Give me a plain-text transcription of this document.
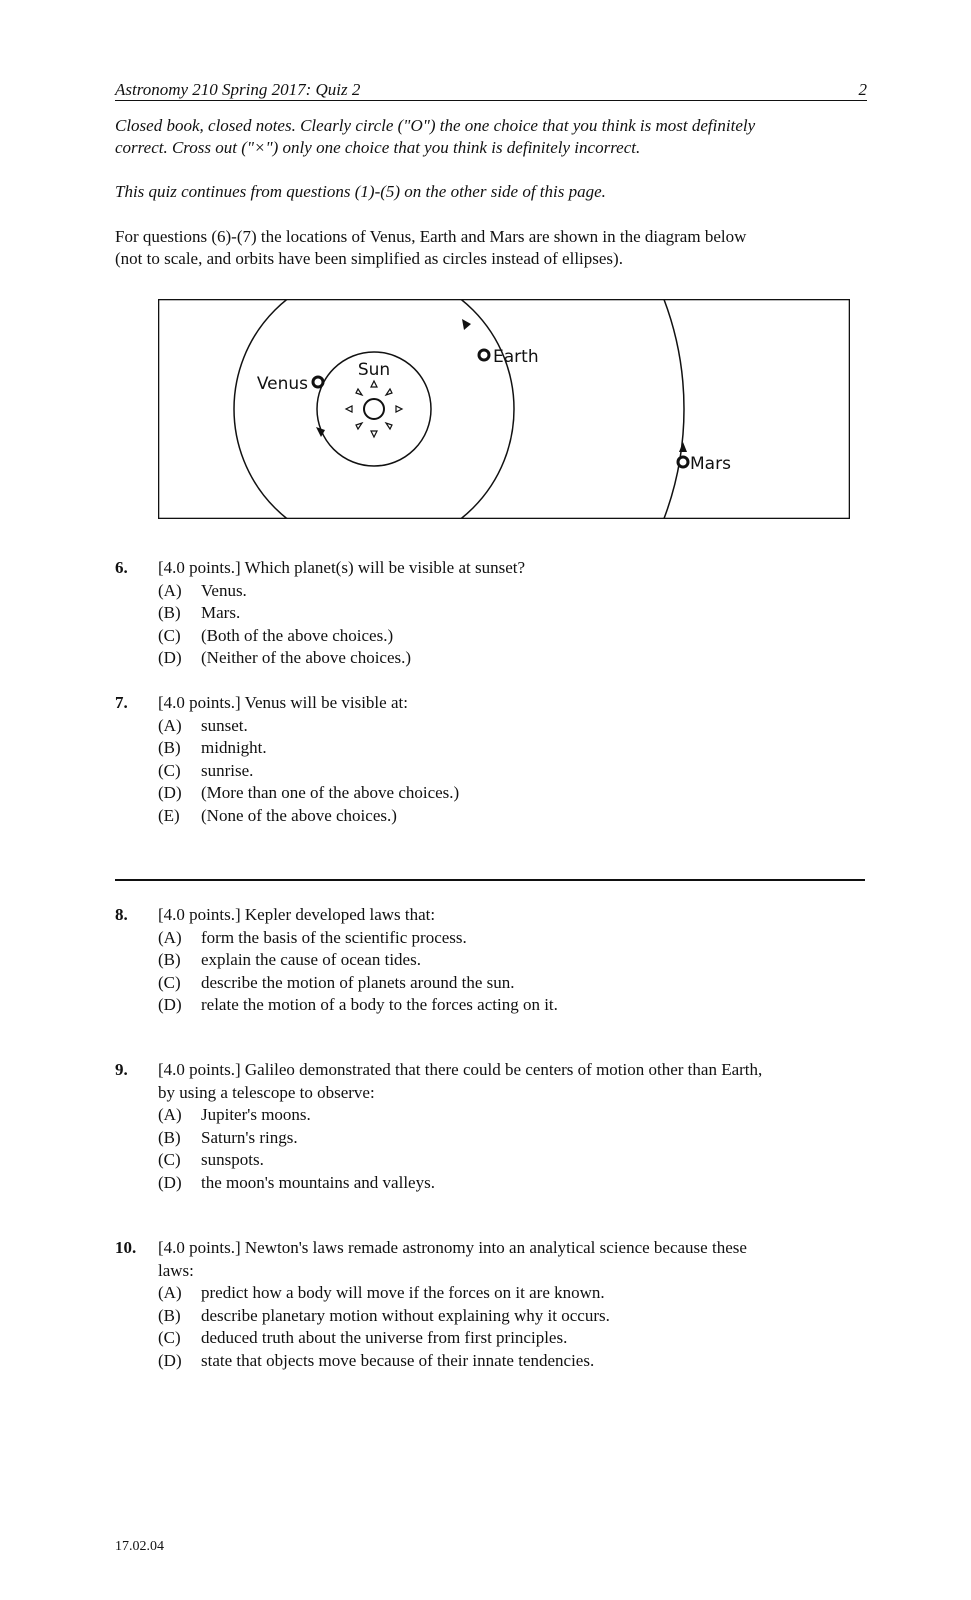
Astronomy 210 Spring 2017: Quiz 2	2
Closed book, closed notes. Clearly circle ("O") the one choice that you think is most definitely
correct. Cross out ("×") only one choice that you think is definitely incorrect.
This quiz continues from questions (1)-(5) on the other side of this page.
For questions (6)-(7) the locations of Venus, Earth and Mars are shown in the diagram below
(not to scale, and orbits have been simplified as circles instead of ellipses).
Sun
Venus
Earth
Mars
6. [4.0 points.] Which planet(s) will be visible at sunset?
(A) Venus.
(B) Mars.
(C) (Both of the above choices.)
(D) (Neither of the above choices.)
7. [4.0 points.] Venus will be visible at:
(A) sunset.
(B) midnight.
(C) sunrise.
(D) (More than one of the above choices.)
(E) (None of the above choices.)
8. [4.0 points.] Kepler developed laws that:
(A) form the basis of the scientific process.
(B) explain the cause of ocean tides.
(C) describe the motion of planets around the sun.
(D) relate the motion of a body to the forces acting on it.
9. [4.0 points.] Galileo demonstrated that there could be centers of motion other than Earth,
by using a telescope to observe:
(A) Jupiter's moons.
(B) Saturn's rings.
(C) sunspots.
(D) the moon's mountains and valleys.
10. [4.0 points.] Newton's laws remade astronomy into an analytical science because these
laws:
(A) predict how a body will move if the forces on it are known.
(B) describe planetary motion without explaining why it occurs.
(C) deduced truth about the universe from first principles.
(D) state that objects move because of their innate tendencies.
17.02.04
